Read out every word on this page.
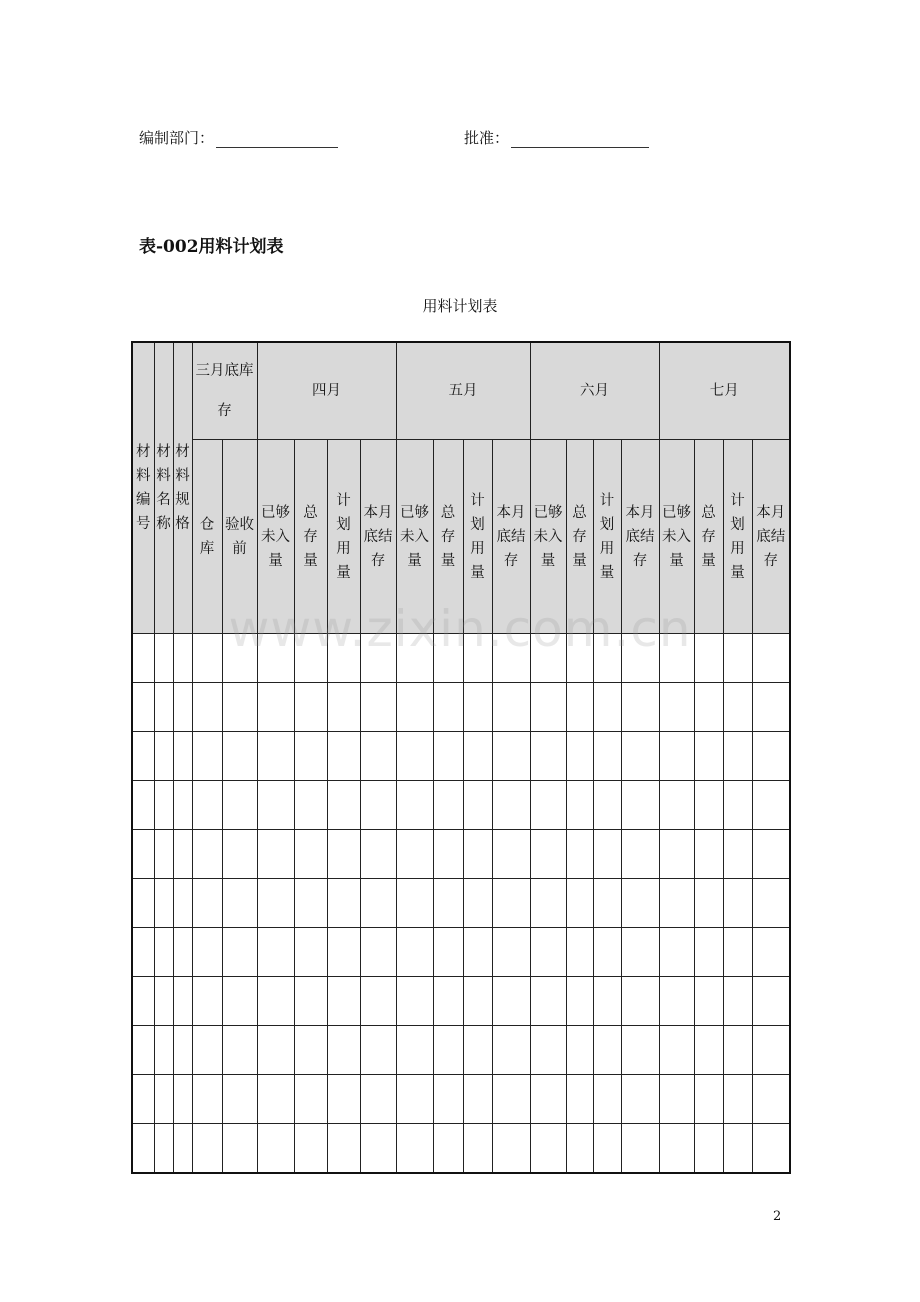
编制部门：	批准：
表-002用料计划表
用料计划表
材料编号	材料名称	材料规格	三月底库存		四月				五月				六月				七月			
			仓库	验收前	已够未入量	总存量	计划用量	本月底结存	已够未入量	总存量	计划用量	本月底结存	已够未入量	总存量	计划用量	本月底结存	已够未入量	总存量	计划用量	本月底结存

www.zixin.com.cn
2
